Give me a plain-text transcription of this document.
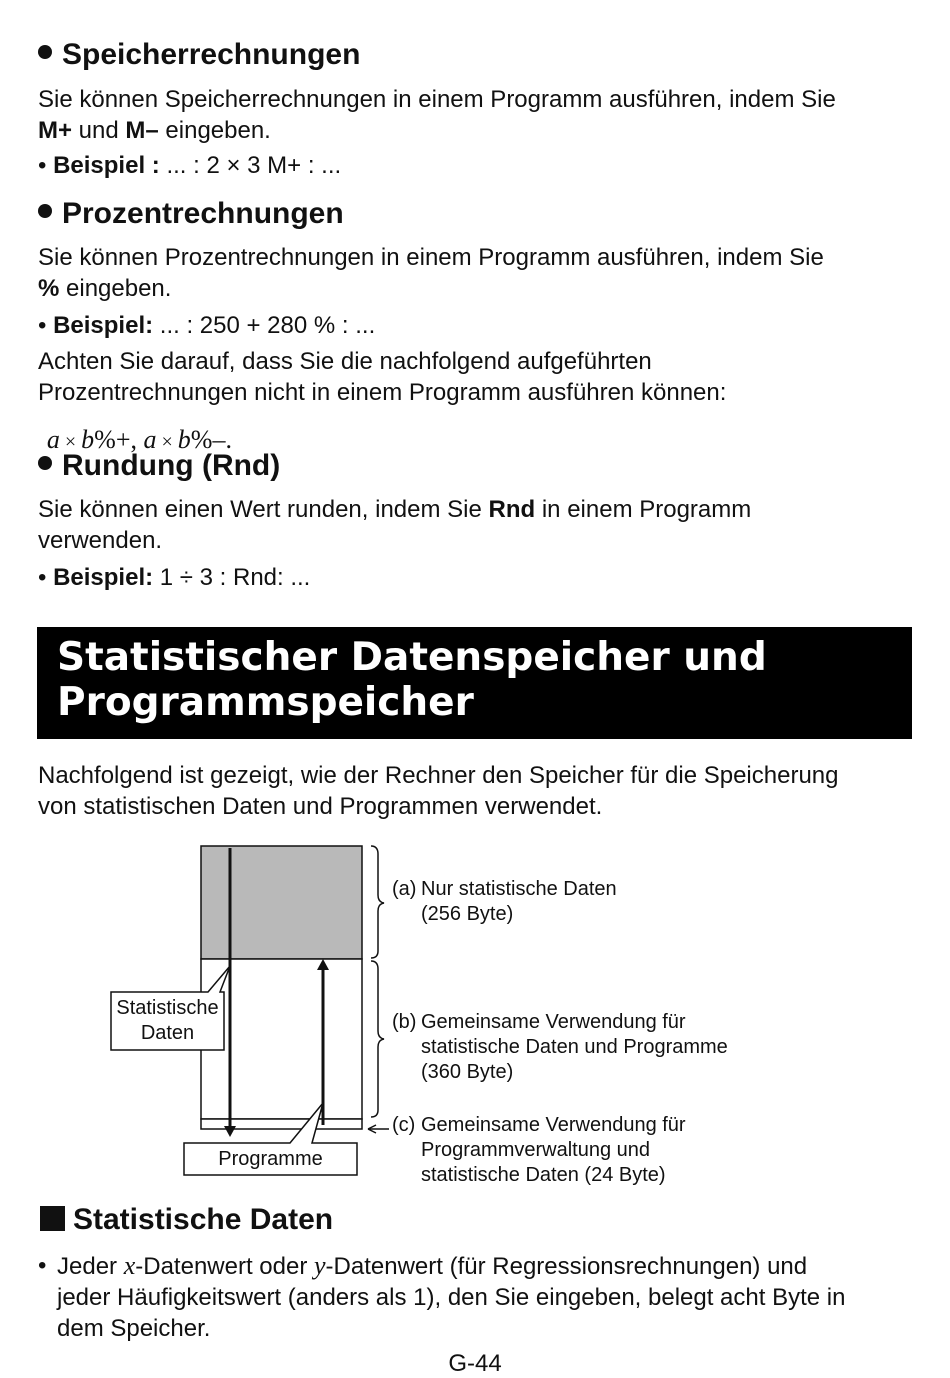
Speicherrechnungen
Sie können Speicherrechnungen in einem Programm ausführen, indem Sie
M+ und M– eingeben.
• Beispiel : ... : 2 × 3 M+ : ...
Prozentrechnungen
Sie können Prozentrechnungen in einem Programm ausführen, indem Sie
% eingeben.
• Beispiel: ... : 250 + 280 % : ...
Achten Sie darauf, dass Sie die nachfolgend aufgeführten
Prozentrechnungen nicht in einem Programm ausführen können:

a × b%+, a × b%–.

Rundung (Rnd)
Sie können einen Wert runden, indem Sie Rnd in einem Programm
verwenden.
• Beispiel: 1 ÷ 3 : Rnd: ...
Statistischer Datenspeicher und
Programmspeicher
Nachfolgend ist gezeigt, wie der Rechner den Speicher für die Speicherung
von statistischen Daten und Programmen verwendet.
Statistische
Daten
Programme
(a) Nur statistische Daten
(256 Byte)
(b) Gemeinsame Verwendung für
statistische Daten und Programme
(360 Byte)
(c) Gemeinsame Verwendung für
Programmverwaltung und
statistische Daten (24 Byte)
Statistische Daten
• Jeder x-Datenwert oder y-Datenwert (für Regressionsrechnungen) und
jeder Häufigkeitswert (anders als 1), den Sie eingeben, belegt acht Byte in
dem Speicher.
G-44
